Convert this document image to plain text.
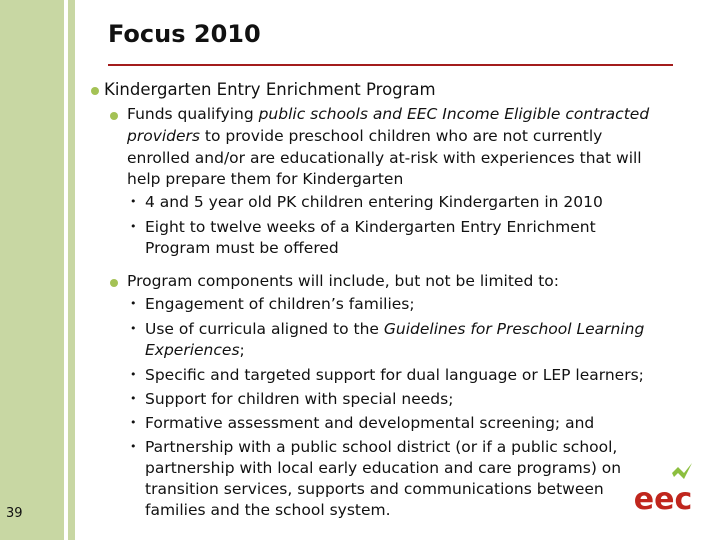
Focus 2010
Kindergarten Entry Enrichment Program
Funds qualifying public schools and EEC Income Eligible contracted
providers to provide preschool children who are not currently
enrolled and/or are educationally at-risk with experiences that will
help prepare them for Kindergarten
• 4 and 5 year old PK children entering Kindergarten in 2010
• Eight to twelve weeks of a Kindergarten Entry Enrichment
Program must be offered
Program components will include, but not be limited to:
• Engagement of children’s families;
• Use of curricula aligned to the Guidelines for Preschool Learning
Experiences;
• Specific and targeted support for dual language or LEP learners;
• Support for children with special needs;
• Formative assessment and developmental screening; and
• Partnership with a public school district (or if a public school,
partnership with local early education and care programs) on
transition services, supports and communications between
families and the school system.	eec
39
